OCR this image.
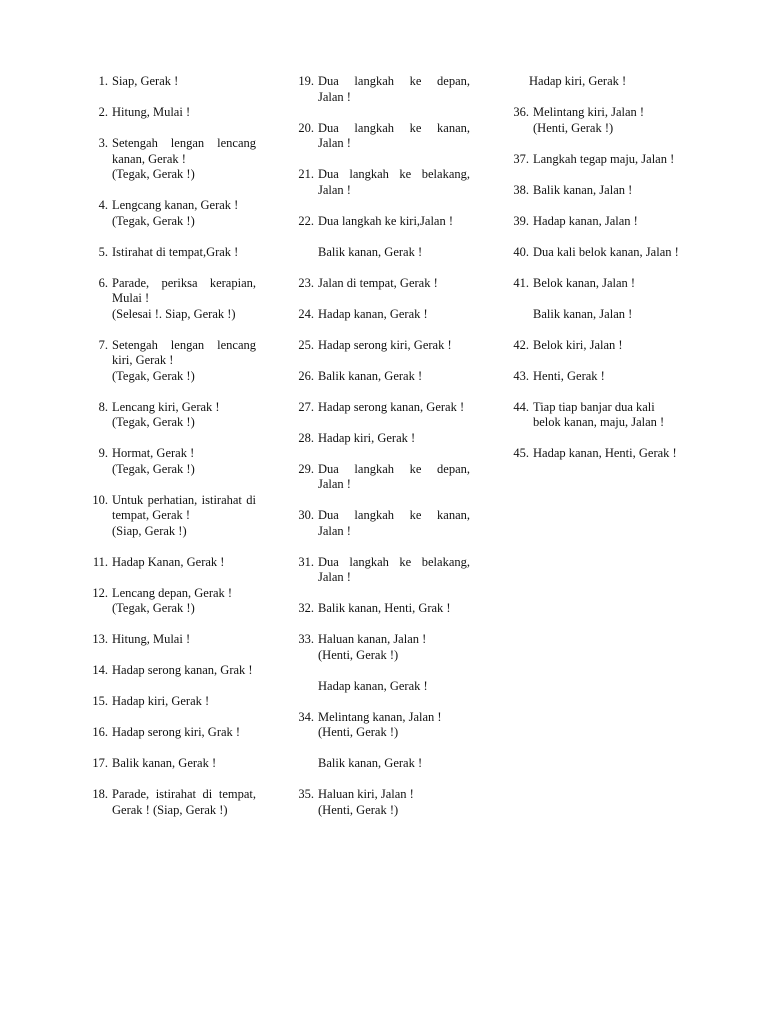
1. Siap, Gerak !
2. Hitung, Mulai !
3. Setengah lengan lencang
kanan, Gerak !
(Tegak, Gerak !)
4. Lengcang kanan, Gerak !
(Tegak, Gerak !)
5. Istirahat di tempat,Grak !
6. Parade, periksa kerapian,
Mulai !
(Selesai !. Siap, Gerak !)
7. Setengah lengan lencang
kiri, Gerak !
(Tegak, Gerak !)
8. Lencang kiri, Gerak !
(Tegak, Gerak !)
9. Hormat, Gerak !
(Tegak, Gerak !)
10. Untuk perhatian, istirahat di
tempat, Gerak !
(Siap, Gerak !)
11. Hadap Kanan, Gerak !
12. Lencang depan, Gerak !
(Tegak, Gerak !)
13. Hitung, Mulai !
14. Hadap serong kanan, Grak !
15. Hadap kiri, Gerak !
16. Hadap serong kiri, Grak !
17. Balik kanan, Gerak !
18. Parade, istirahat di tempat,
Gerak ! (Siap, Gerak !)
19. Dua langkah ke depan,
Jalan !
20. Dua langkah ke kanan,
Jalan !
21. Dua langkah ke belakang,
Jalan !
22. Dua langkah ke kiri,Jalan !
Balik kanan, Gerak !
23. Jalan di tempat, Gerak !
24. Hadap kanan, Gerak !
25. Hadap serong kiri, Gerak !
26. Balik kanan, Gerak !
27. Hadap serong kanan, Gerak !
28. Hadap kiri, Gerak !
29. Dua langkah ke depan,
Jalan !
30. Dua langkah ke kanan,
Jalan !
31. Dua langkah ke belakang,
Jalan !
32. Balik kanan, Henti, Grak !
33. Haluan kanan, Jalan !
(Henti, Gerak !)
Hadap kanan, Gerak !
34. Melintang kanan, Jalan !
(Henti, Gerak !)
Balik kanan, Gerak !
35. Haluan kiri, Jalan !
(Henti, Gerak !)
Hadap kiri, Gerak !
36. Melintang kiri, Jalan !
(Henti, Gerak !)
37. Langkah tegap maju, Jalan !
38. Balik kanan, Jalan !
39. Hadap kanan, Jalan !
40. Dua kali belok kanan, Jalan !
41. Belok kanan, Jalan !
Balik kanan, Jalan !
42. Belok kiri, Jalan !
43. Henti, Gerak !
44. Tiap tiap banjar dua kali
belok kanan, maju, Jalan !
45. Hadap kanan, Henti, Gerak !
